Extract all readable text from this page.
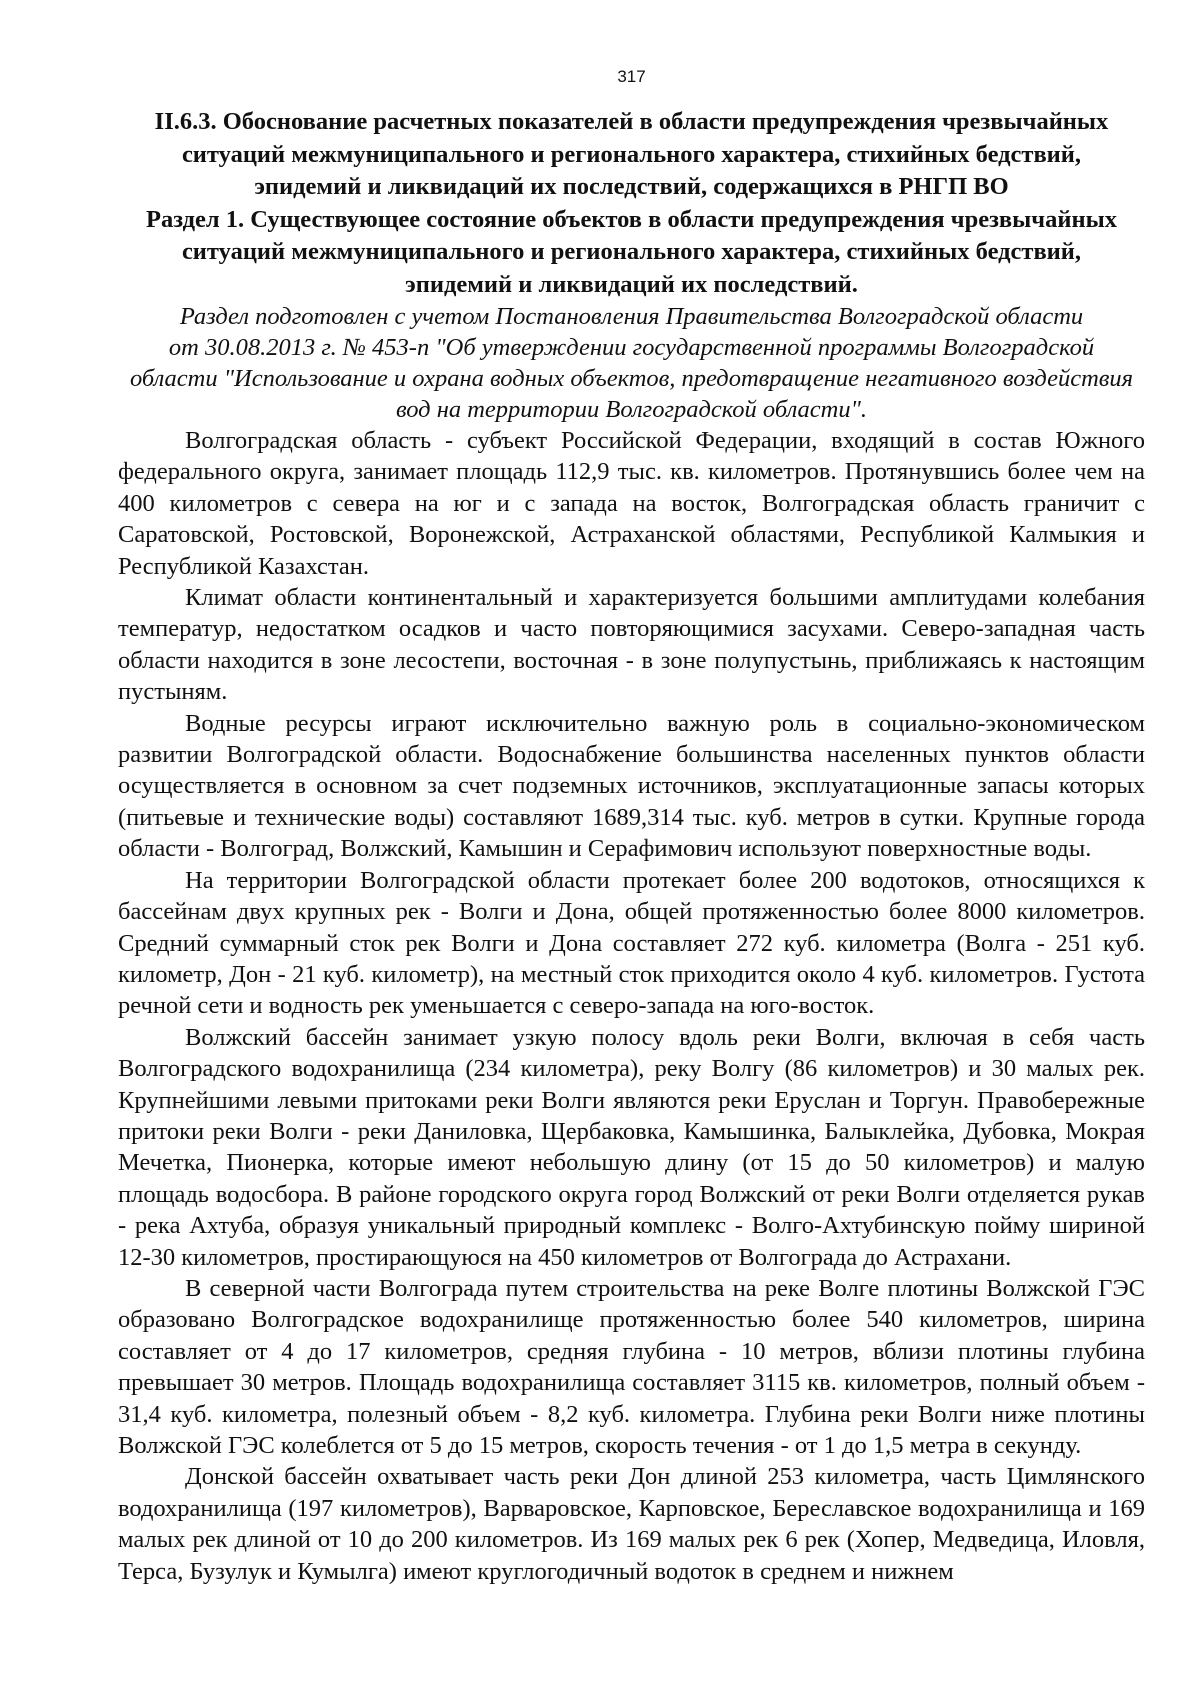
317
II.6.3. Обоснование расчетных показателей в области предупреждения чрезвычайных
ситуаций межмуниципального и регионального характера, стихийных бедствий,
эпидемий и ликвидаций их последствий, содержащихся в РНГП ВО
Раздел 1. Существующее состояние объектов в области предупреждения чрезвычайных
ситуаций межмуниципального и регионального характера, стихийных бедствий,
эпидемий и ликвидаций их последствий.
Раздел подготовлен с учетом Постановления Правительства Волгоградской области
от 30.08.2013 г. № 453-п "Об утверждении государственной программы Волгоградской
области "Использование и охрана водных объектов, предотвращение негативного воздействия
вод на территории Волгоградской области".

Волгоградская область - субъект Российской Федерации, входящий в состав Южного федерального округа, занимает площадь 112,9 тыс. кв. километров. Протянувшись более чем на 400 километров с севера на юг и с запада на восток, Волгоградская область граничит с Саратовской, Ростовской, Воронежской, Астраханской областями, Республикой Калмыкия и Республикой Казахстан.

Климат области континентальный и характеризуется большими амплитудами колебания температур, недостатком осадков и часто повторяющимися засухами. Северо-западная часть области находится в зоне лесостепи, восточная - в зоне полупустынь, приближаясь к настоящим пустыням.

Водные ресурсы играют исключительно важную роль в социально-экономическом развитии Волгоградской области. Водоснабжение большинства населенных пунктов области осуществляется в основном за счет подземных источников, эксплуатационные запасы которых (питьевые и технические воды) составляют 1689,314 тыс. куб. метров в сутки. Крупные города области - Волгоград, Волжский, Камышин и Серафимович используют поверхностные воды.

На территории Волгоградской области протекает более 200 водотоков, относящихся к бассейнам двух крупных рек - Волги и Дона, общей протяженностью более 8000 километров. Средний суммарный сток рек Волги и Дона составляет 272 куб. километра (Волга - 251 куб. километр, Дон - 21 куб. километр), на местный сток приходится около 4 куб. километров. Густота речной сети и водность рек уменьшается с северо-запада на юго-восток.

Волжский бассейн занимает узкую полосу вдоль реки Волги, включая в себя часть Волгоградского водохранилища (234 километра), реку Волгу (86 километров) и 30 малых рек. Крупнейшими левыми притоками реки Волги являются реки Еруслан и Торгун. Правобережные притоки реки Волги - реки Даниловка, Щербаковка, Камышинка, Балыклейка, Дубовка, Мокрая Мечетка, Пионерка, которые имеют небольшую длину (от 15 до 50 километров) и малую площадь водосбора. В районе городского округа город Волжский от реки Волги отделяется рукав - река Ахтуба, образуя уникальный природный комплекс - Волго-Ахтубинскую пойму шириной 12-30 километров, простирающуюся на 450 километров от Волгограда до Астрахани.

В северной части Волгограда путем строительства на реке Волге плотины Волжской ГЭС образовано Волгоградское водохранилище протяженностью более 540 километров, ширина составляет от 4 до 17 километров, средняя глубина - 10 метров, вблизи плотины глубина превышает 30 метров. Площадь водохранилища составляет 3115 кв. километров, полный объем - 31,4 куб. километра, полезный объем - 8,2 куб. километра. Глубина реки Волги ниже плотины Волжской ГЭС колеблется от 5 до 15 метров, скорость течения - от 1 до 1,5 метра в секунду.

Донской бассейн охватывает часть реки Дон длиной 253 километра, часть Цимлянского водохранилища (197 километров), Варваровское, Карповское, Береславское водохранилища и 169 малых рек длиной от 10 до 200 километров. Из 169 малых рек 6 рек (Хопер, Медведица, Иловля, Терса, Бузулук и Кумылга) имеют круглогодичный водоток в среднем и нижнем
